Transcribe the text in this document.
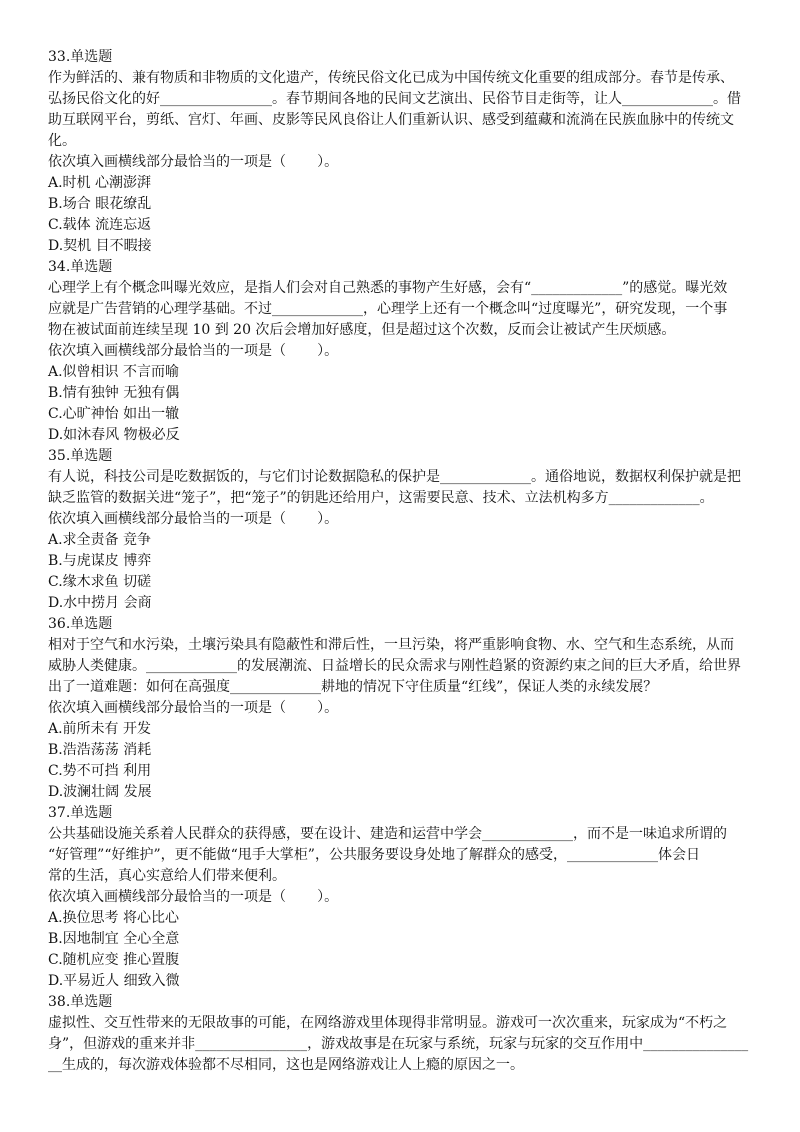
33.单选题
作为鲜活的、兼有物质和非物质的文化遗产，传统民俗文化已成为中国传统文化重要的组成部分。春节是传承、
弘扬民俗文化的好________________。春节期间各地的民间文艺演出、民俗节目走街等，让人_____________。借
助互联网平台，剪纸、宫灯、年画、皮影等民风良俗让人们重新认识、感受到蕴藏和流淌在民族血脉中的传统文
化。
依次填入画横线部分最恰当的一项是（       ）。
A.时机 心潮澎湃
B.场合 眼花缭乱
C.载体 流连忘返
D.契机 目不暇接
34.单选题
心理学上有个概念叫曝光效应，是指人们会对自己熟悉的事物产生好感，会有“_____________”的感觉。曝光效
应就是广告营销的心理学基础。不过_____________，心理学上还有一个概念叫“过度曝光”，研究发现，一个事
物在被试面前连续呈现 10 到 20 次后会增加好感度，但是超过这个次数，反而会让被试产生厌烦感。
依次填入画横线部分最恰当的一项是（       ）。
A.似曾相识 不言而喻
B.情有独钟 无独有偶
C.心旷神怡 如出一辙
D.如沐春风 物极必反
35.单选题
有人说，科技公司是吃数据饭的，与它们讨论数据隐私的保护是_____________。通俗地说，数据权利保护就是把
缺乏监管的数据关进“笼子”，把“笼子”的钥匙还给用户，这需要民意、技术、立法机构多方_____________。
依次填入画横线部分最恰当的一项是（       ）。
A.求全责备 竞争
B.与虎谋皮 博弈
C.缘木求鱼 切磋
D.水中捞月 会商
36.单选题
相对于空气和水污染，土壤污染具有隐蔽性和滞后性，一旦污染，将严重影响食物、水、空气和生态系统，从而
威胁人类健康。_____________的发展潮流、日益增长的民众需求与刚性趋紧的资源约束之间的巨大矛盾，给世界
出了一道难题：如何在高强度_____________耕地的情况下守住质量“红线”，保证人类的永续发展？
依次填入画横线部分最恰当的一项是（       ）。
A.前所未有 开发
B.浩浩荡荡 消耗
C.势不可挡 利用
D.波澜壮阔 发展
37.单选题
公共基础设施关系着人民群众的获得感，要在设计、建造和运营中学会_____________，而不是一味追求所谓的
“好管理”“好维护”，更不能做“甩手大掌柜”，公共服务要设身处地了解群众的感受，_____________体会日
常的生活，真心实意给人们带来便利。
依次填入画横线部分最恰当的一项是（       ）。
A.换位思考 将心比心
B.因地制宜 全心全意
C.随机应变 推心置腹
D.平易近人 细致入微
38.单选题
虚拟性、交互性带来的无限故事的可能，在网络游戏里体现得非常明显。游戏可一次次重来，玩家成为“不朽之
身”，但游戏的重来并非________________，游戏故事是在玩家与系统，玩家与玩家的交互作用中_______________
__生成的，每次游戏体验都不尽相同，这也是网络游戏让人上瘾的原因之一。
